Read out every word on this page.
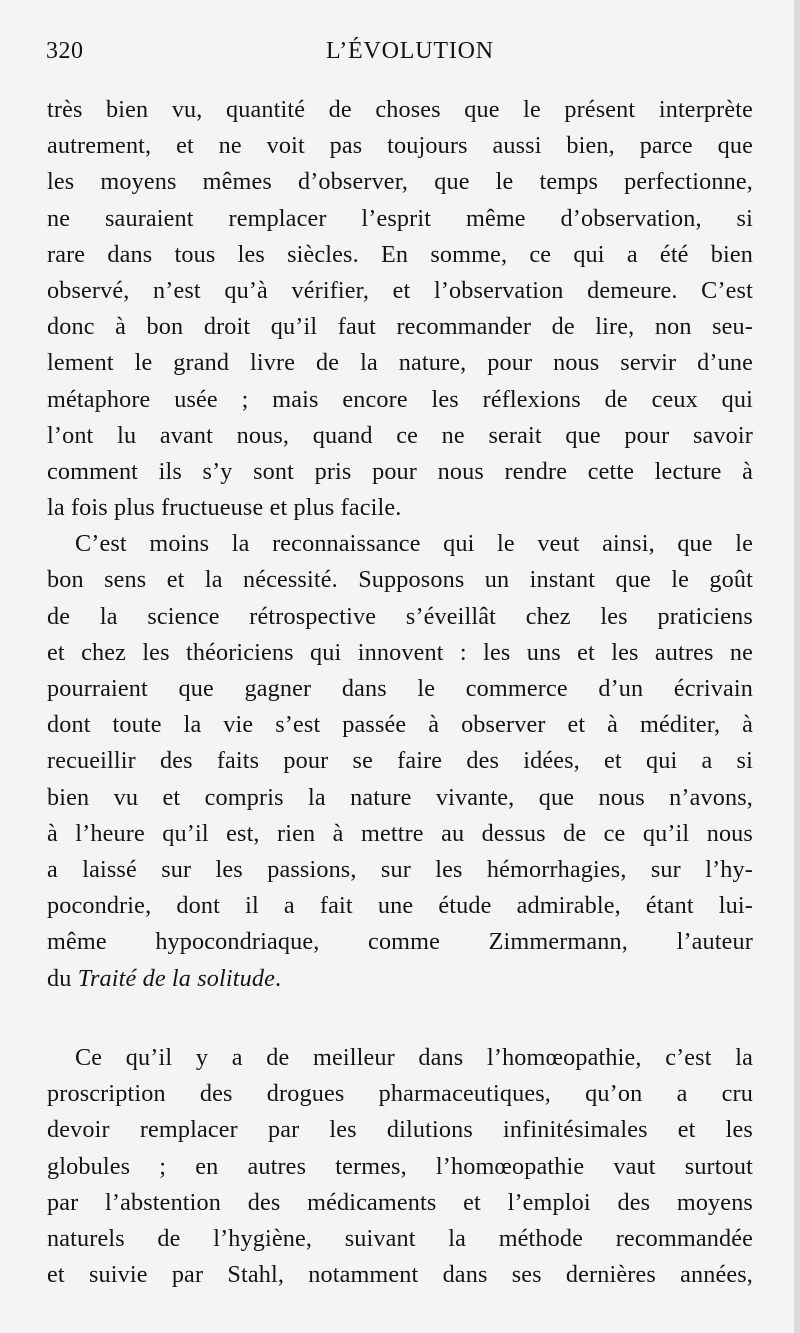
320	L’ÉVOLUTION
très bien vu, quantité de choses que le présent interprète
autrement, et ne voit pas toujours aussi bien, parce que
les moyens mêmes d’observer, que le temps perfectionne,
ne sauraient remplacer l’esprit même d’observation, si
rare dans tous les siècles. En somme, ce qui a été bien
observé, n’est qu’à vérifier, et l’observation demeure. C’est
donc à bon droit qu’il faut recommander de lire, non seu-
lement le grand livre de la nature, pour nous servir d’une
métaphore usée ; mais encore les réflexions de ceux qui
l’ont lu avant nous, quand ce ne serait que pour savoir
comment ils s’y sont pris pour nous rendre cette lecture à
la fois plus fructueuse et plus facile.
C’est moins la reconnaissance qui le veut ainsi, que le
bon sens et la nécessité. Supposons un instant que le goût
de la science rétrospective s’éveillât chez les praticiens
et chez les théoriciens qui innovent : les uns et les autres ne
pourraient que gagner dans le commerce d’un écrivain
dont toute la vie s’est passée à observer et à méditer, à
recueillir des faits pour se faire des idées, et qui a si
bien vu et compris la nature vivante, que nous n’avons,
à l’heure qu’il est, rien à mettre au dessus de ce qu’il nous
a laissé sur les passions, sur les hémorrhagies, sur l’hy-
pocondrie, dont il a fait une étude admirable, étant lui-
même hypocondriaque, comme Zimmermann, l’auteur
du Traité de la solitude.
Ce qu’il y a de meilleur dans l’homœopathie, c’est la
proscription des drogues pharmaceutiques, qu’on a cru
devoir remplacer par les dilutions infinitésimales et les
globules ; en autres termes, l’homœopathie vaut surtout
par l’abstention des médicaments et l’emploi des moyens
naturels de l’hygiène, suivant la méthode recommandée
et suivie par Stahl, notamment dans ses dernières années,
